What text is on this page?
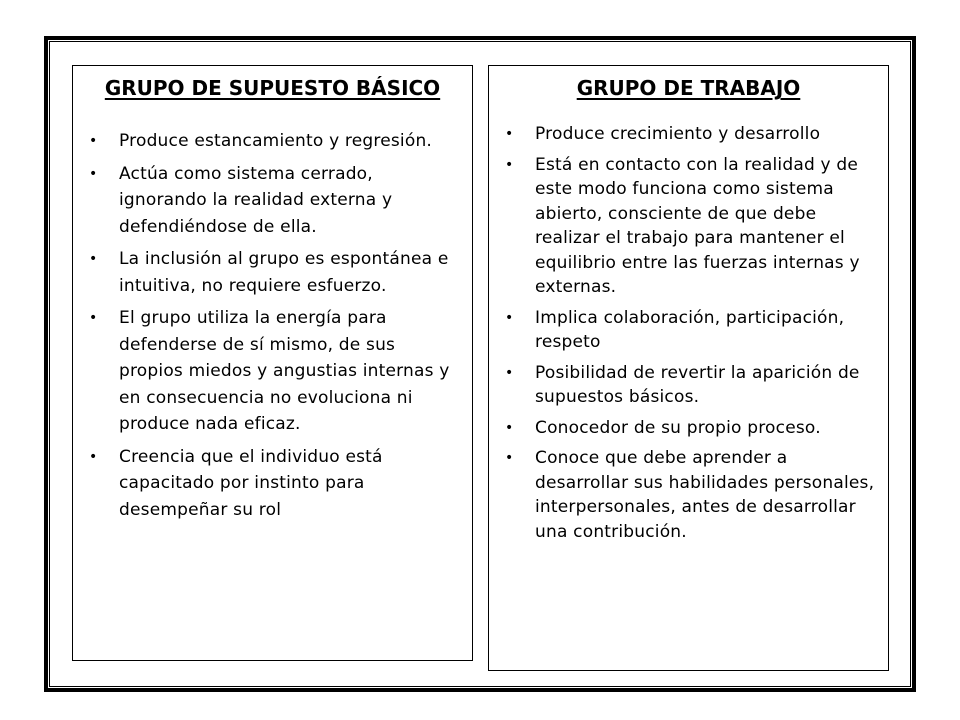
GRUPO DE SUPUESTO BÁSICO
• Produce estancamiento y regresión.
• Actúa como sistema cerrado, ignorando la realidad externa y defendiéndose de ella.
• La inclusión al grupo es espontánea e intuitiva, no requiere esfuerzo.
• El grupo utiliza la energía para defenderse de sí mismo, de sus propios miedos y angustias internas y en consecuencia no evoluciona ni produce nada eficaz.
• Creencia que el individuo está capacitado por instinto para desempeñar su rol
GRUPO DE TRABAJO
• Produce crecimiento y desarrollo
• Está en contacto con la realidad y de este modo funciona como sistema abierto, consciente de que debe realizar el trabajo para mantener el equilibrio entre las fuerzas internas y externas.
• Implica colaboración, participación, respeto
• Posibilidad de revertir la aparición de supuestos básicos.
• Conocedor de su propio proceso.
• Conoce que debe aprender a desarrollar sus habilidades personales, interpersonales, antes de desarrollar una contribución.
